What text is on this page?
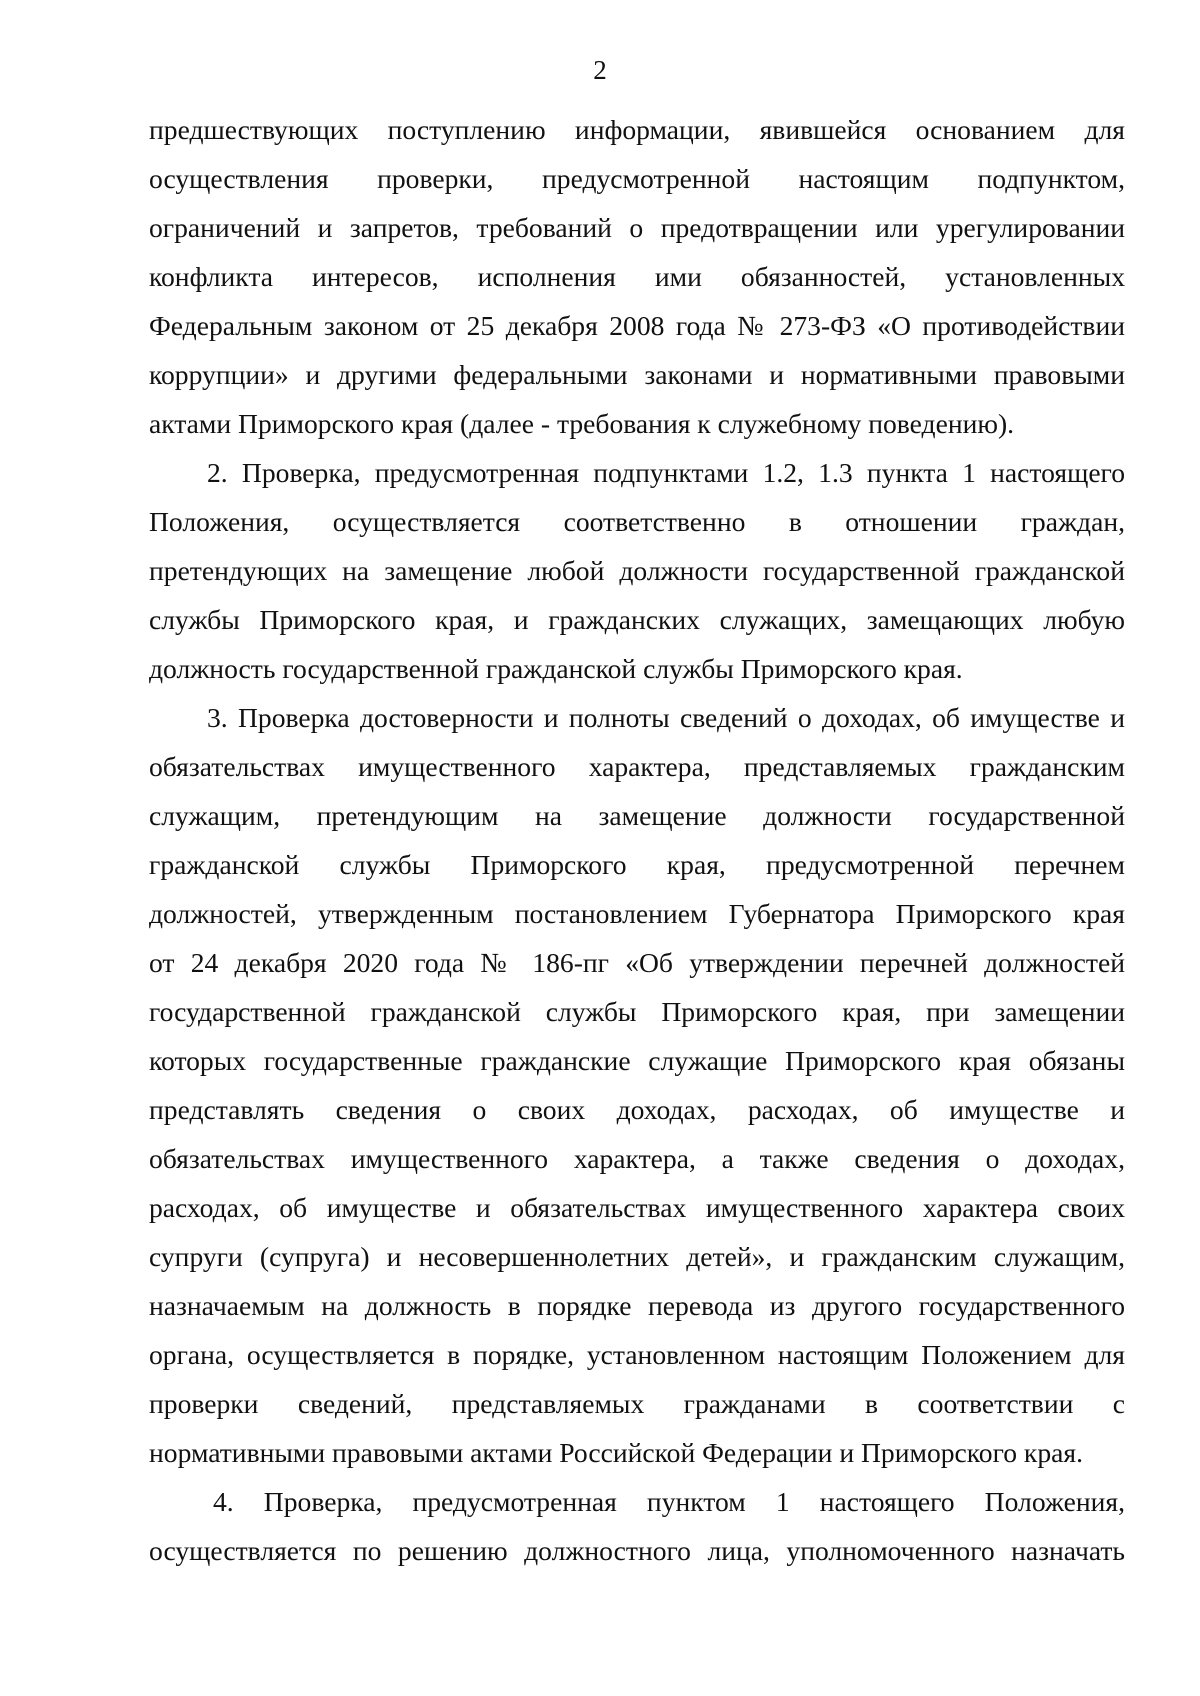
2
предшествующих поступлению информации, явившейся основанием для
осуществления проверки, предусмотренной настоящим подпунктом,
ограничений и запретов, требований о предотвращении или урегулировании
конфликта интересов, исполнения ими обязанностей, установленных
Федеральным законом от 25 декабря 2008 года № 273-ФЗ «О противодействии
коррупции» и другими федеральными законами и нормативными правовыми
актами Приморского края (далее - требования к служебному поведению).
2. Проверка, предусмотренная подпунктами 1.2, 1.3 пункта 1 настоящего
Положения, осуществляется соответственно в отношении граждан,
претендующих на замещение любой должности государственной гражданской
службы Приморского края, и гражданских служащих, замещающих любую
должность государственной гражданской службы Приморского края.
3. Проверка достоверности и полноты сведений о доходах, об имуществе и
обязательствах имущественного характера, представляемых гражданским
служащим, претендующим на замещение должности государственной
гражданской службы Приморского края, предусмотренной перечнем
должностей, утвержденным постановлением Губернатора Приморского края
от 24 декабря 2020 года № 186-пг «Об утверждении перечней должностей
государственной гражданской службы Приморского края, при замещении
которых государственные гражданские служащие Приморского края обязаны
представлять сведения о своих доходах, расходах, об имуществе и
обязательствах имущественного характера, а также сведения о доходах,
расходах, об имуществе и обязательствах имущественного характера своих
супруги (супруга) и несовершеннолетних детей», и гражданским служащим,
назначаемым на должность в порядке перевода из другого государственного
органа, осуществляется в порядке, установленном настоящим Положением для
проверки сведений, представляемых гражданами в соответствии с
нормативными правовыми актами Российской Федерации и Приморского края.
4. Проверка, предусмотренная пунктом 1 настоящего Положения,
осуществляется по решению должностного лица, уполномоченного назначать
